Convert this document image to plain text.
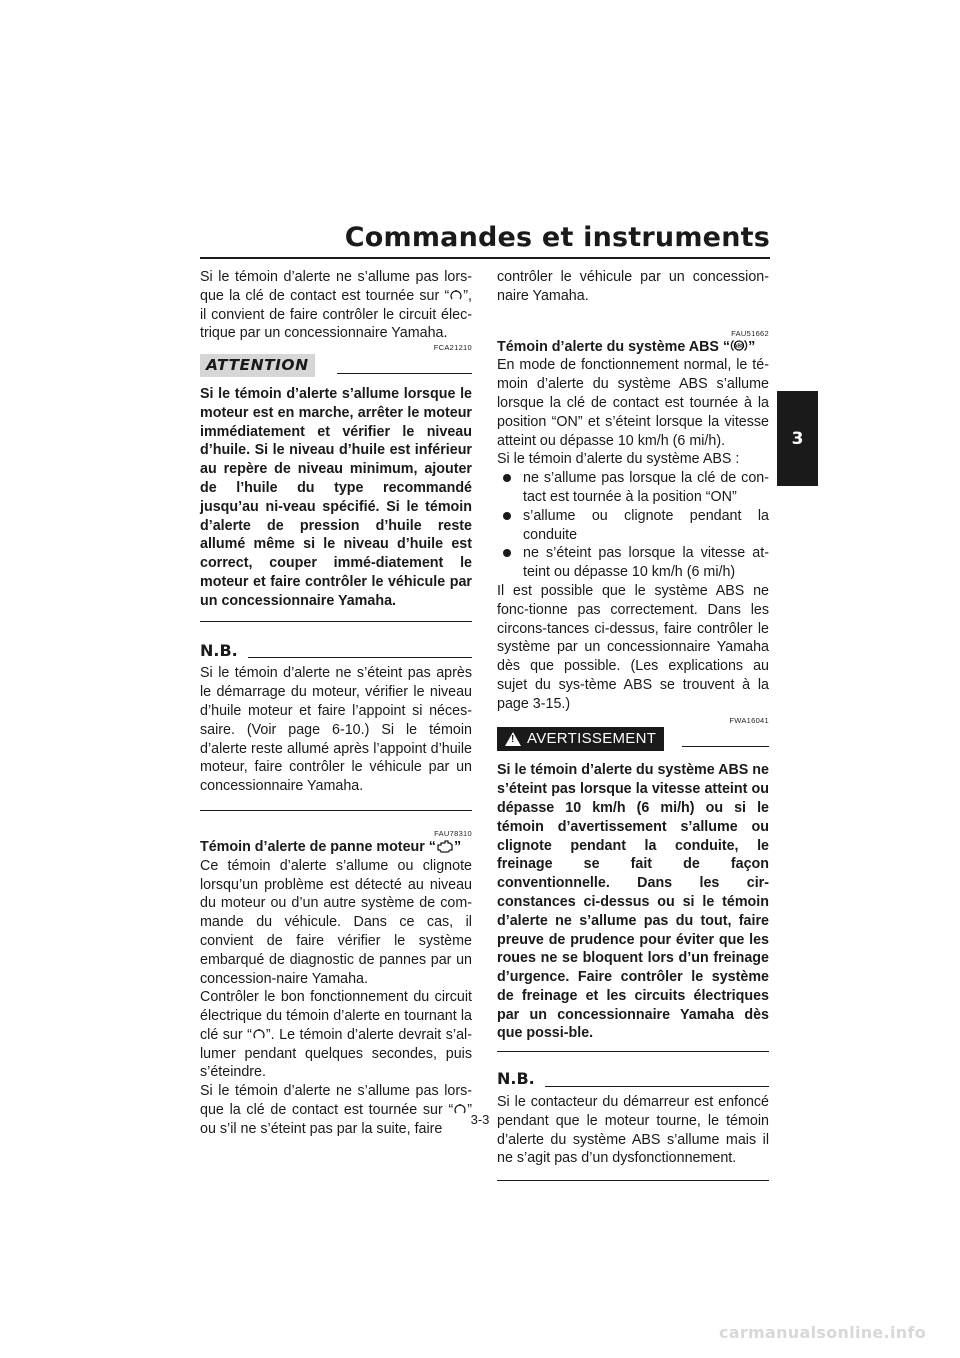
Commandes et instruments
3

Si le témoin d’alerte ne s’allume pas lors-que la clé de contact est tournée sur “ ”, il convient de faire contrôler le circuit élec-trique par un concessionnaire Yamaha.

FCA21210
ATTENTION

Si le témoin d’alerte s’allume lorsque le moteur est en marche, arrêter le moteur immédiatement et vérifier le niveau d’huile. Si le niveau d’huile est inférieur au repère de niveau minimum, ajouter de l’huile du type recommandé jusqu’au ni-veau spécifié. Si le témoin d’alerte de pression d’huile reste allumé même si le niveau d’huile est correct, couper immé-diatement le moteur et faire contrôler le véhicule par un concessionnaire Yamaha.

N.B.

Si le témoin d’alerte ne s’éteint pas après le démarrage du moteur, vérifier le niveau d’huile moteur et faire l’appoint si néces-saire. (Voir page 6-10.) Si le témoin d’alerte reste allumé après l’appoint d’huile moteur, faire contrôler le véhicule par un concessionnaire Yamaha.

FAU78310

Témoin d’alerte de panne moteur “ ”

Ce témoin d’alerte s’allume ou clignote lorsqu’un problème est détecté au niveau du moteur ou d’un autre système de com-mande du véhicule. Dans ce cas, il convient de faire vérifier le système embarqué de diagnostic de pannes par un concession-naire Yamaha.

Contrôler le bon fonctionnement du circuit électrique du témoin d’alerte en tournant la clé sur “ ”. Le témoin d’alerte devrait s’al-lumer pendant quelques secondes, puis s’éteindre.

Si le témoin d’alerte ne s’allume pas lors-que la clé de contact est tournée sur “ ” ou s’il ne s’éteint pas par la suite, faire

contrôler le véhicule par un concession-naire Yamaha.

FAU51662

Témoin d’alerte du système ABS “ ABS ”

En mode de fonctionnement normal, le té-moin d’alerte du système ABS s’allume lorsque la clé de contact est tournée à la position “ON” et s’éteint lorsque la vitesse atteint ou dépasse 10 km/h (6 mi/h).

Si le témoin d’alerte du système ABS :

ne s’allume pas lorsque la clé de con-tact est tournée à la position “ON”
s’allume ou clignote pendant la conduite
ne s’éteint pas lorsque la vitesse at-teint ou dépasse 10 km/h (6 mi/h)

Il est possible que le système ABS ne fonc-tionne pas correctement. Dans les circons-tances ci-dessus, faire contrôler le système par un concessionnaire Yamaha dès que possible. (Les explications au sujet du sys-tème ABS se trouvent à la page 3-15.)

FWA16041
! AVERTISSEMENT

Si le témoin d’alerte du système ABS ne s’éteint pas lorsque la vitesse atteint ou dépasse 10 km/h (6 mi/h) ou si le témoin d’avertissement s’allume ou clignote pendant la conduite, le freinage se fait de façon conventionnelle. Dans les cir-constances ci-dessus ou si le témoin d’alerte ne s’allume pas du tout, faire preuve de prudence pour éviter que les roues ne se bloquent lors d’un freinage d’urgence. Faire contrôler le système de freinage et les circuits électriques par un concessionnaire Yamaha dès que possi-ble.

N.B.

Si le contacteur du démarreur est enfoncé pendant que le moteur tourne, le témoin d’alerte du système ABS s’allume mais il ne s’agit pas d’un dysfonctionnement.

3-3
carmanualsonline.info
